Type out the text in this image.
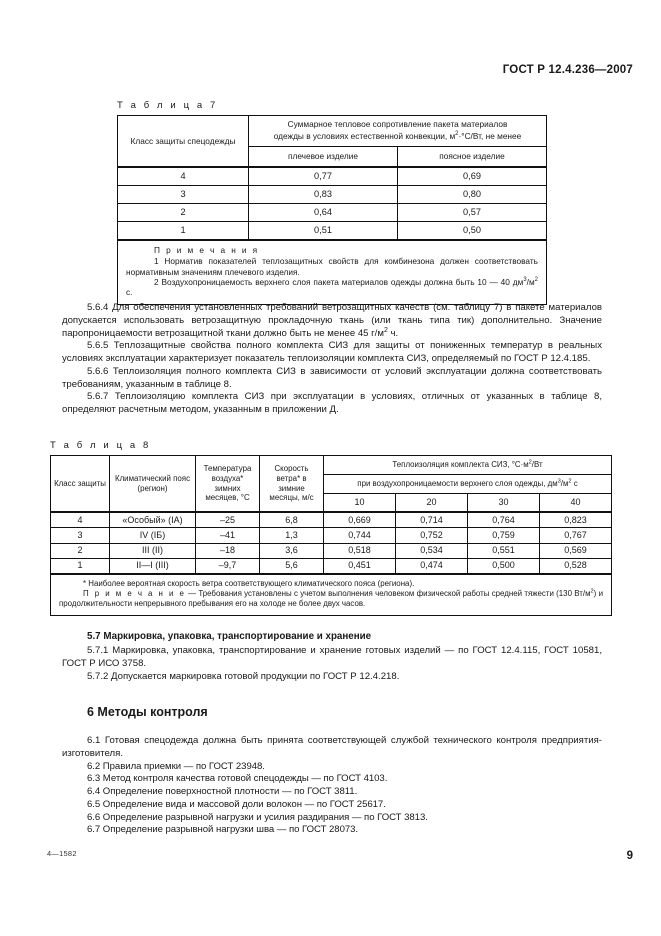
ГОСТ Р 12.4.236—2007
Т а б л и ц а 7
Класс защиты спецодежды	Суммарное тепловое сопротивление пакета материалов
одежды в условиях естественной конвекции, $м^2\cdot^\circ С/Вт$, не менее	
	плечевое изделие	поясное изделие
4	0,77	0,69
3	0,83	0,80
2	0,64	0,57
1	0,51	0,50

П р и м е ч а н и я
1 Норматив показателей теплозащитных свойств для комбинезона должен соответствовать нормативным значениям плечевого изделия.
2 Воздухопроницаемость верхнего слоя пакета материалов одежды должна быть 10 — 40 $дм^3/м^2$ с.		

5.6.4 Для обеспечения установленных требований ветрозащитных качеств (см. таблицу 7) в пакете материалов допускается использовать ветрозащитную прокладочную ткань (или ткань типа тик) дополнительно. Значение паропроницаемости ветрозащитной ткани должно быть не менее 45 $г/м^2$ ч.

5.6.5 Теплозащитные свойства полного комплекта СИЗ для защиты от пониженных температур в реальных условиях эксплуатации характеризует показатель теплоизоляции комплекта СИЗ, определяемый по ГОСТ Р 12.4.185.

5.6.6 Теплоизоляция полного комплекта СИЗ в зависимости от условий эксплуатации должна соответствовать требованиям, указанным в таблице 8.

5.6.7 Теплоизоляцию комплекта СИЗ при эксплуатации в условиях, отличных от указанных в таблице 8, определяют расчетным методом, указанным в приложении Д.

Т а б л и ц а 8
Класс защиты	Климатический пояс (регион)	Температура
воздуха*
зимних
месяцев, °С	Скорость
ветра* в
зимние
месяцы, м/с	Теплоизоляция комплекта СИЗ, $^\circ С\cdot м^2/Вт$			
				при воздухопроницаемости верхнего слоя одежды, $дм^3/м^2$ с			
				10	20	30	40
4	«Особый» (IA)	–25	6,8	0,669	0,714	0,764	0,823
3	IV (IБ)	–41	1,3	0,744	0,752	0,759	0,767
2	III (II)	–18	3,6	0,518	0,534	0,551	0,569
1	II—I (III)	–9,7	5,6	0,451	0,474	0,500	0,528

* Наиболее вероятная скорость ветра соответствующего климатического пояса (региона).
П р и м е ч а н и е — Требования установлены с учетом выполнения человеком физической работы средней тяжести (130 $Вт/м^2$) и продолжительности непрерывного пребывания его на холоде не более двух часов.							
5.7 Маркировка, упаковка, транспортирование и хранение

5.7.1 Маркировка, упаковка, транспортирование и хранение готовых изделий — по ГОСТ 12.4.115, ГОСТ 10581, ГОСТ Р ИСО 3758.

5.7.2 Допускается маркировка готовой продукции по ГОСТ Р 12.4.218.

6 Методы контроля

6.1 Готовая спецодежда должна быть принята соответствующей службой технического контроля предприятия-изготовителя.

6.2 Правила приемки — по ГОСТ 23948.

6.3 Метод контроля качества готовой спецодежды — по ГОСТ 4103.

6.4 Определение поверхностной плотности — по ГОСТ 3811.

6.5 Определение вида и массовой доли волокон — по ГОСТ 25617.

6.6 Определение разрывной нагрузки и усилия раздирания — по ГОСТ 3813.

6.7 Определение разрывной нагрузки шва — по ГОСТ 28073.

4—1582	9
